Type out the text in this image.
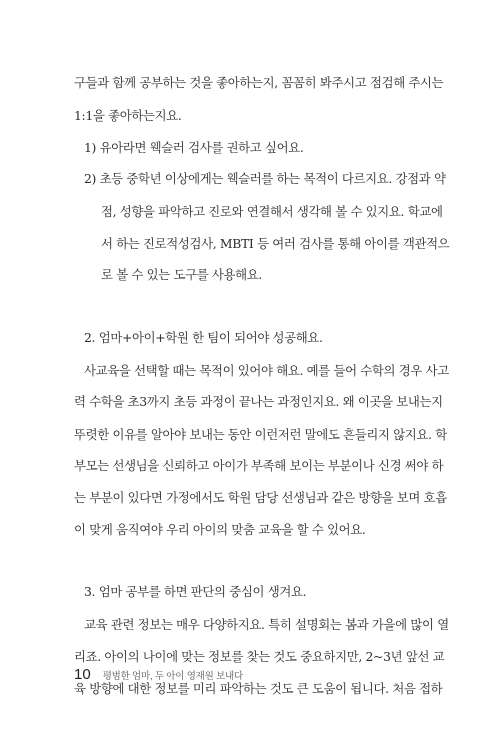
구들과 함께 공부하는 것을 좋아하는지, 꼼꼼히 봐주시고 점검해 주시는
1:1을 좋아하는지요.
1) 유아라면 웩슬러 검사를 권하고 싶어요.
2) 초등 중학년 이상에게는 웩슬러를 하는 목적이 다르지요. 강점과 약
점, 성향을 파악하고 진로와 연결해서 생각해 볼 수 있지요. 학교에
서 하는 진로적성검사, MBTI 등 여러 검사를 통해 아이를 객관적으
로 볼 수 있는 도구를 사용해요.
2. 엄마+아이+학원 한 팀이 되어야 성공해요.
사교육을 선택할 때는 목적이 있어야 해요. 예를 들어 수학의 경우 사고
력 수학을 초3까지 초등 과정이 끝나는 과정인지요. 왜 이곳을 보내는지
뚜렷한 이유를 알아야 보내는 동안 이런저런 말에도 흔들리지 않지요. 학
부모는 선생님을 신뢰하고 아이가 부족해 보이는 부분이나 신경 써야 하
는 부분이 있다면 가정에서도 학원 담당 선생님과 같은 방향을 보며 호흡
이 맞게 움직여야 우리 아이의 맞춤 교육을 할 수 있어요.
3. 엄마 공부를 하면 판단의 중심이 생겨요.
교육 관련 정보는 매우 다양하지요. 특히 설명회는 봄과 가을에 많이 열
리죠. 아이의 나이에 맞는 정보를 찾는 것도 중요하지만, 2~3년 앞선 교
육 방향에 대한 정보를 미리 파악하는 것도 큰 도움이 됩니다. 처음 접하
10 평범한 엄마, 두 아이 영재원 보내다
